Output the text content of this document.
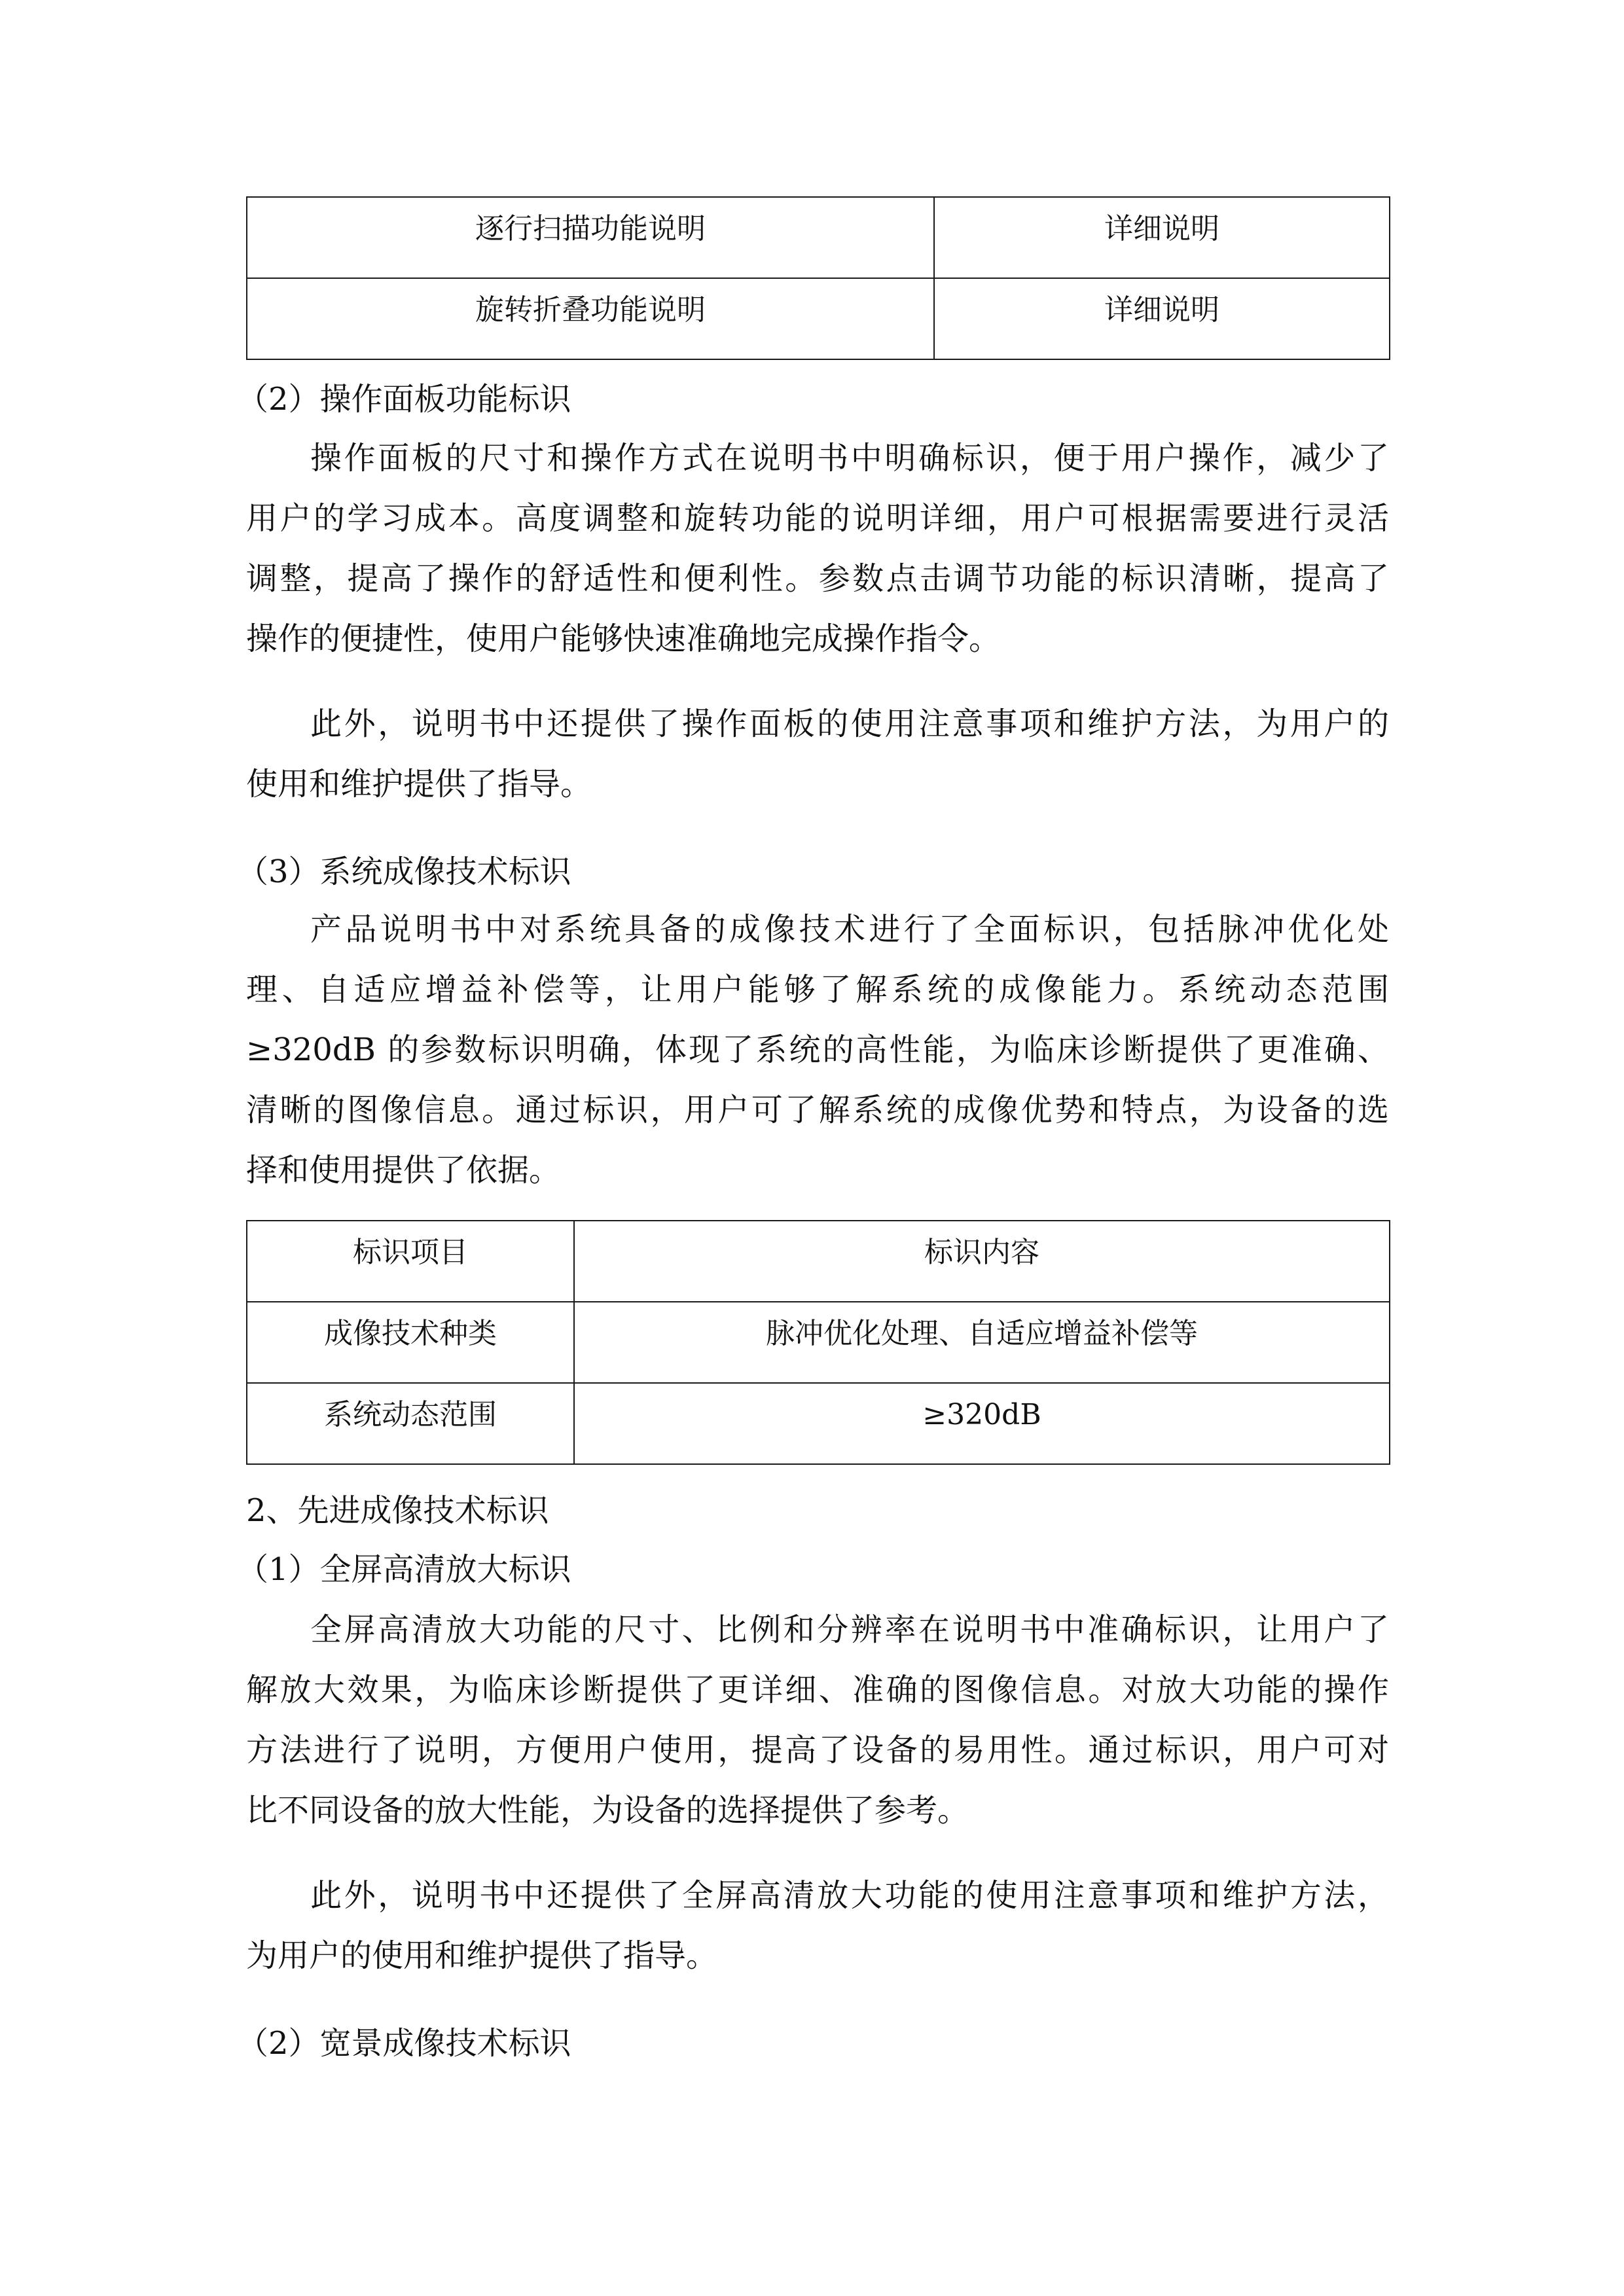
逐行扫描功能说明	详细说明
旋转折叠功能说明	详细说明

（2）操作面板功能标识

操作面板的尺寸和操作方式在说明书中明确标识，便于用户操作，减少了

用户的学习成本。高度调整和旋转功能的说明详细，用户可根据需要进行灵活

调整，提高了操作的舒适性和便利性。参数点击调节功能的标识清晰，提高了

操作的便捷性，使用户能够快速准确地完成操作指令。

此外，说明书中还提供了操作面板的使用注意事项和维护方法，为用户的

使用和维护提供了指导。

（3）系统成像技术标识

产品说明书中对系统具备的成像技术进行了全面标识，包括脉冲优化处

理、自适应增益补偿等，让用户能够了解系统的成像能力。系统动态范围

≥320dB 的参数标识明确，体现了系统的高性能，为临床诊断提供了更准确、

清晰的图像信息。通过标识，用户可了解系统的成像优势和特点，为设备的选

择和使用提供了依据。

标识项目	标识内容
成像技术种类	脉冲优化处理、自适应增益补偿等
系统动态范围	≥320dB

2、先进成像技术标识

（1）全屏高清放大标识

全屏高清放大功能的尺寸、比例和分辨率在说明书中准确标识，让用户了

解放大效果，为临床诊断提供了更详细、准确的图像信息。对放大功能的操作

方法进行了说明，方便用户使用，提高了设备的易用性。通过标识，用户可对

比不同设备的放大性能，为设备的选择提供了参考。

此外，说明书中还提供了全屏高清放大功能的使用注意事项和维护方法，

为用户的使用和维护提供了指导。

（2）宽景成像技术标识
